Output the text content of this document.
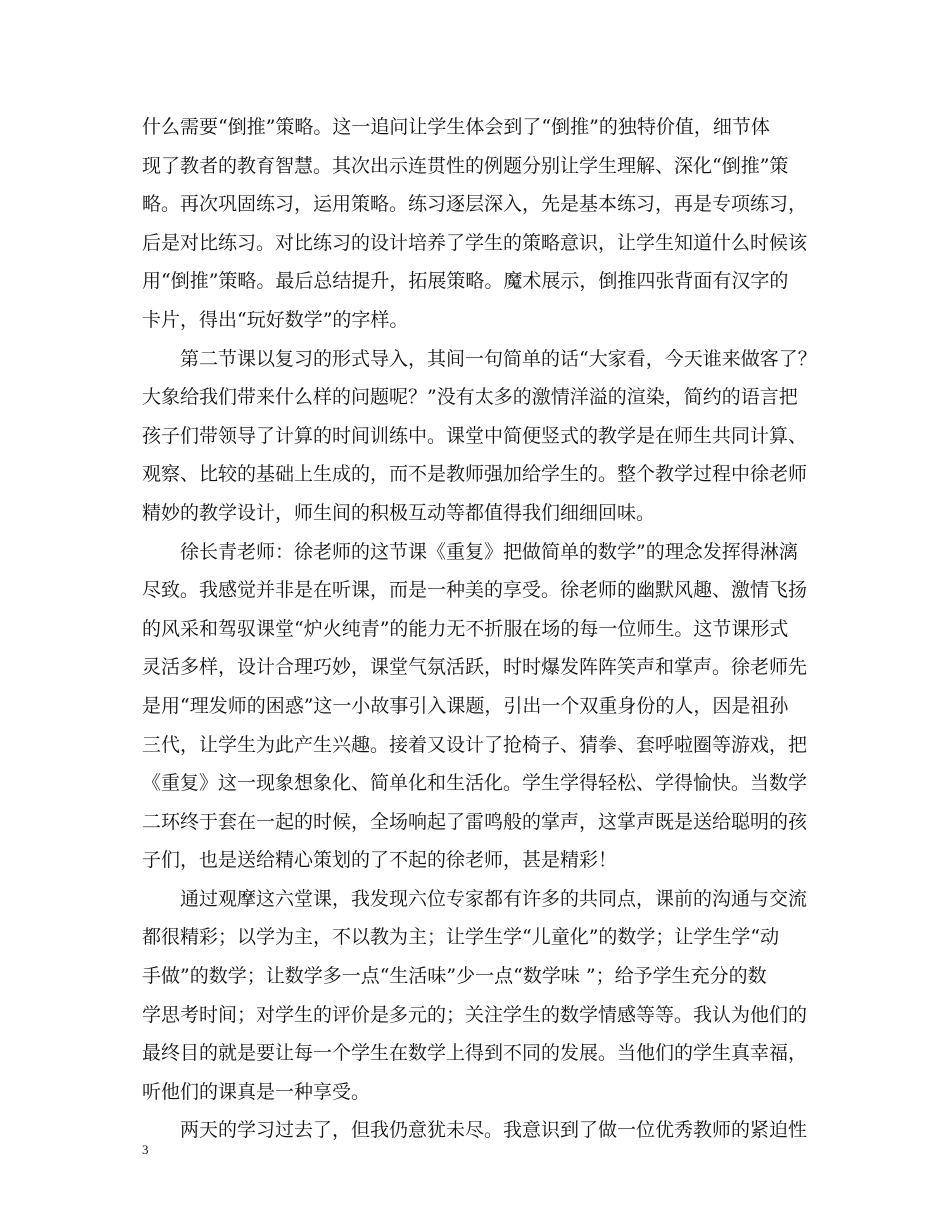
什么需要“倒推”策略。这一追问让学生体会到了“倒推”的独特价值，细节体
现了教者的教育智慧。其次出示连贯性的例题分别让学生理解、深化“倒推”策
略。再次巩固练习，运用策略。练习逐层深入，先是基本练习，再是专项练习，
后是对比练习。对比练习的设计培养了学生的策略意识，让学生知道什么时候该
用“倒推”策略。最后总结提升，拓展策略。魔术展示，倒推四张背面有汉字的
卡片，得出“玩好数学”的字样。
第二节课以复习的形式导入，其间一句简单的话“大家看，今天谁来做客了？
大象给我们带来什么样的问题呢？”没有太多的激情洋溢的渲染，简约的语言把
孩子们带领导了计算的时间训练中。课堂中简便竖式的教学是在师生共同计算、
观察、比较的基础上生成的，而不是教师强加给学生的。整个教学过程中徐老师
精妙的教学设计，师生间的积极互动等都值得我们细细回味。
徐长青老师：徐老师的这节课《重复》把做简单的数学”的理念发挥得淋漓
尽致。我感觉并非是在听课，而是一种美的享受。徐老师的幽默风趣、激情飞扬
的风采和驾驭课堂“炉火纯青”的能力无不折服在场的每一位师生。这节课形式
灵活多样，设计合理巧妙，课堂气氛活跃，时时爆发阵阵笑声和掌声。徐老师先
是用“理发师的困惑”这一小故事引入课题，引出一个双重身份的人，因是祖孙
三代，让学生为此产生兴趣。接着又设计了抢椅子、猜拳、套呼啦圈等游戏，把
《重复》这一现象想象化、简单化和生活化。学生学得轻松、学得愉快。当数学
二环终于套在一起的时候，全场响起了雷鸣般的掌声，这掌声既是送给聪明的孩
子们，也是送给精心策划的了不起的徐老师，甚是精彩！
通过观摩这六堂课，我发现六位专家都有许多的共同点，课前的沟通与交流
都很精彩；以学为主，不以教为主；让学生学“儿童化”的数学；让学生学“动
手做”的数学；让数学多一点“生活味”少一点“数学味 ”；给予学生充分的数
学思考时间；对学生的评价是多元的；关注学生的数学情感等等。我认为他们的
最终目的就是要让每一个学生在数学上得到不同的发展。当他们的学生真幸福，
听他们的课真是一种享受。
两天的学习过去了，但我仍意犹未尽。我意识到了做一位优秀教师的紧迫性
3
